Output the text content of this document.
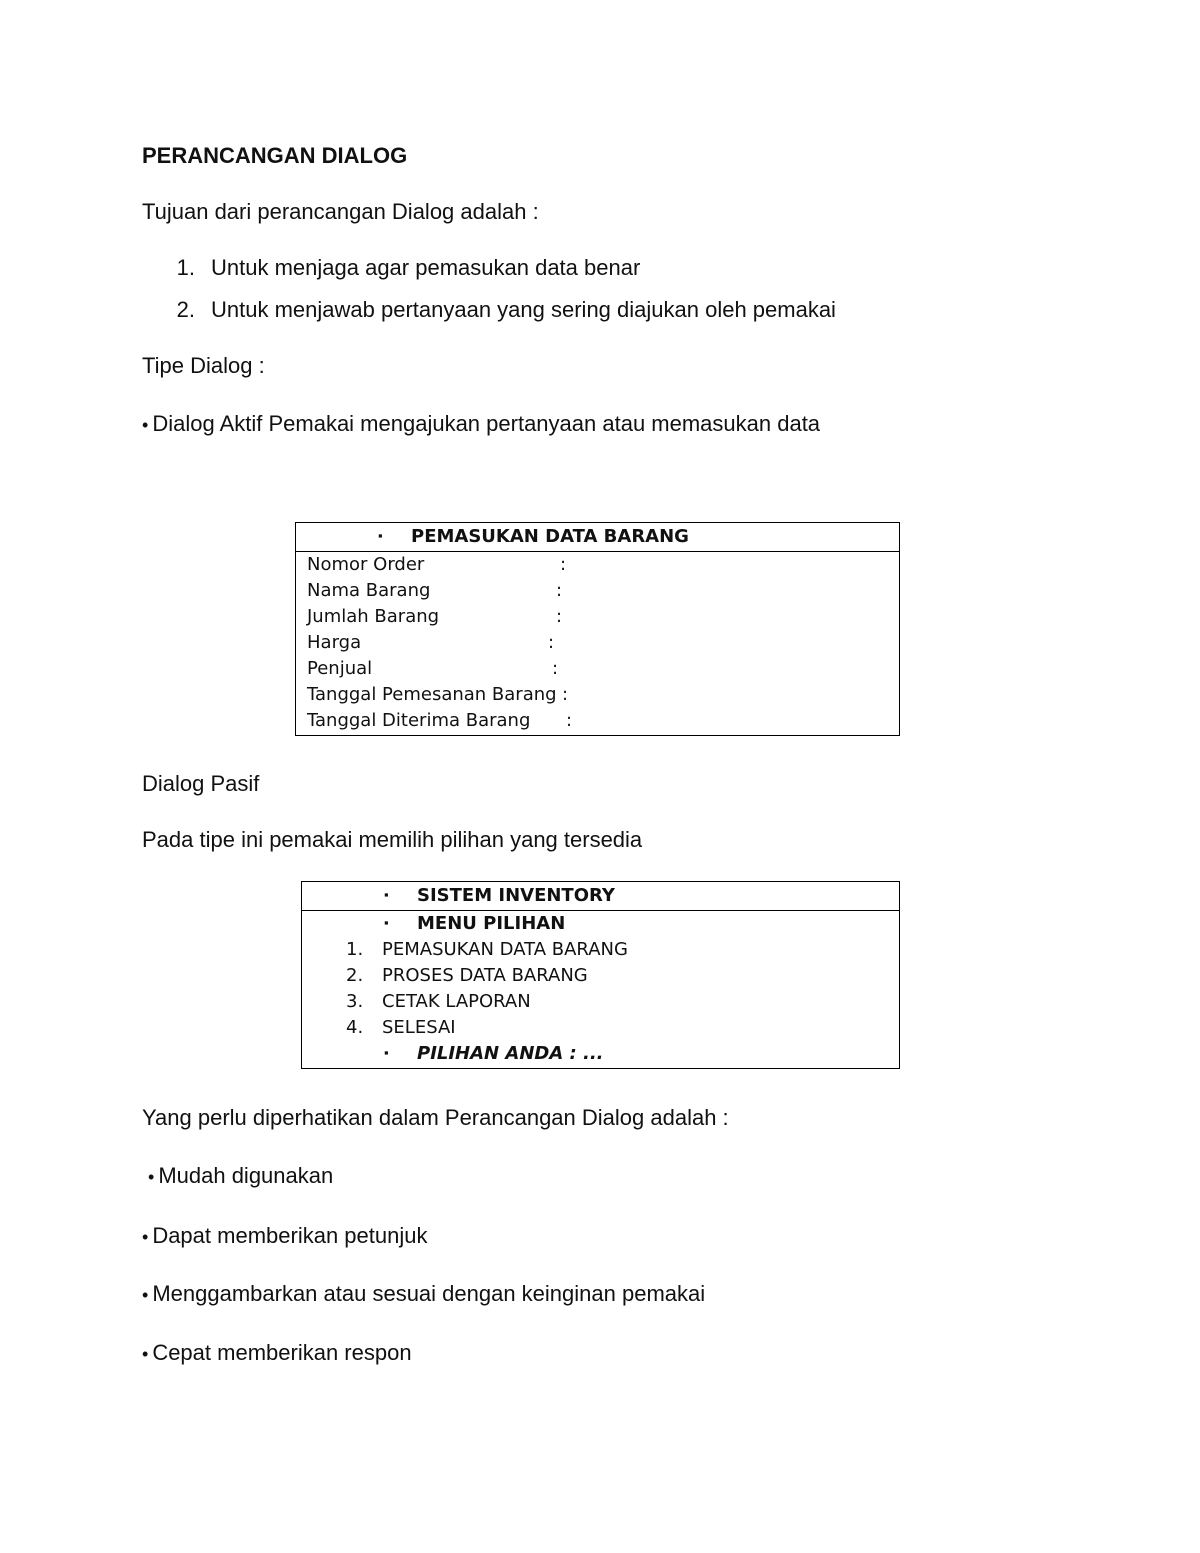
PERANCANGAN DIALOG
Tujuan dari perancangan Dialog adalah :
1. Untuk menjaga agar pemasukan data benar
2. Untuk menjawab pertanyaan yang sering diajukan oleh pemakai
Tipe Dialog :
• Dialog Aktif Pemakai mengajukan pertanyaan atau memasukan data
▪ PEMASUKAN DATA BARANG
Nomor Order	:
Nama Barang	:
Jumlah Barang	:
Harga	:
Penjual	:
Tanggal Pemesanan Barang :
Tanggal Diterima Barang :
Dialog Pasif
Pada tipe ini pemakai memilih pilihan yang tersedia
▪ SISTEM INVENTORY
▪ MENU PILIHAN
1. PEMASUKAN DATA BARANG
2. PROSES DATA BARANG
3. CETAK LAPORAN
4. SELESAI
▪ PILIHAN ANDA : ...
Yang perlu diperhatikan dalam Perancangan Dialog adalah :
• Mudah digunakan
• Dapat memberikan petunjuk
• Menggambarkan atau sesuai dengan keinginan pemakai
• Cepat memberikan respon
